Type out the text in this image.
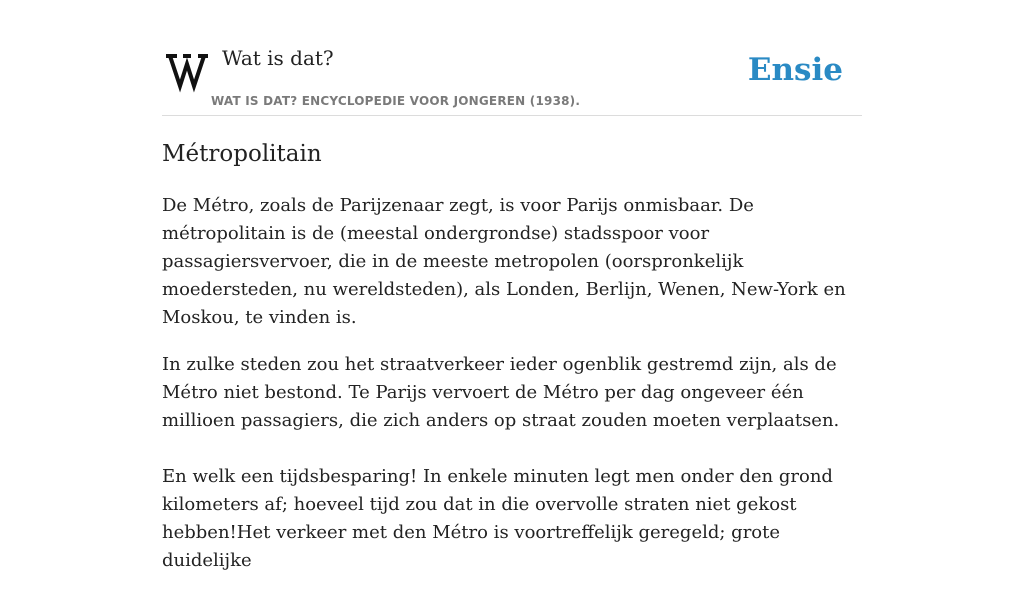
Wat is dat?
WAT IS DAT? ENCYCLOPEDIE VOOR JONGEREN (1938).
Ensie
Métropolitain

De Métro, zoals de Parijzenaar zegt, is voor Parijs onmisbaar. De métropolitain is de (meestal ondergrondse) stadsspoor voor passagiersvervoer, die in de meeste metropolen (oorspronkelijk moedersteden, nu wereldsteden), als Londen, Berlijn, Wenen, New-York en Moskou, te vinden is.

In zulke steden zou het straatverkeer ieder ogenblik gestremd zijn, als de Métro niet bestond. Te Parijs vervoert de Métro per dag ongeveer één millioen passagiers, die zich anders op straat zouden moeten verplaatsen.

En welk een tijdsbesparing! In enkele minuten legt men onder den grond kilometers af; hoeveel tijd zou dat in die overvolle straten niet gekost hebben!Het verkeer met den Métro is voortreffelijk geregeld; grote duidelijke
